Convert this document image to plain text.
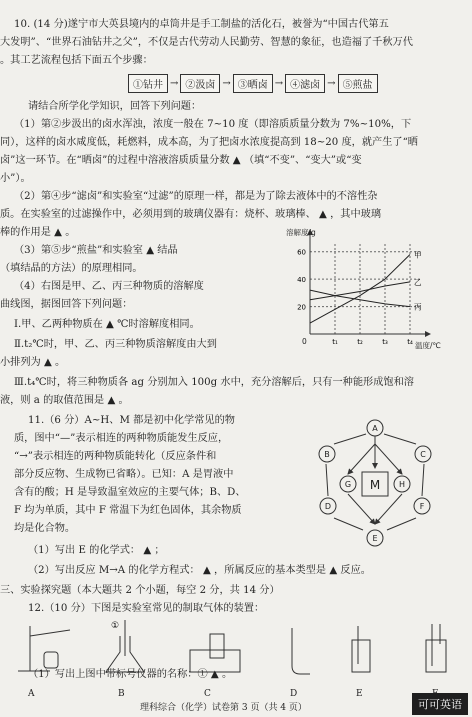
10. (14 分)遂宁市大英县境内的卓筒井是手工制盐的活化石，被誉为“中国古代第五
大发明”、“世界石油钻井之父”，不仅是古代劳动人民勤劳、智慧的象征，也造福了千秋万代
。其工艺流程包括下面五个步骤：
①钻井 → ②汲卤 → ③晒卤 → ④滤卤 → ⑤煎盐
请结合所学化学知识，回答下列问题：
（1）第②步汲出的卤水浑浊，浓度一般在 7~10 度（即溶质质量分数为 7%~10%，下
同），这样的卤水咸度低，耗燃料，成本高，为了把卤水浓度提高到 18~20 度，就产生了“晒
卤”这一环节。在“晒卤”的过程中溶液溶质质量分数 ▲ （填“不变”、“变大”或“变
小”）。
（2）第④步“滤卤”和实验室“过滤”的原理一样，都是为了除去液体中的不溶性杂
质。在实验室的过滤操作中，必须用到的玻璃仪器有：烧杯、玻璃棒、 ▲ ，其中玻璃
棒的作用是 ▲ 。
（3）第⑤步“煎盐”和实验室 ▲ 结晶
（填结晶的方法）的原理相同。
（4）右图是甲、乙、丙三种物质的溶解度
曲线图，据图回答下列问题：
Ⅰ.甲、乙两种物质在 ▲ ℃时溶解度相同。
Ⅱ.t₂℃时，甲、乙、丙三种物质溶解度由大到
小排列为 ▲ 。
Ⅲ.t₄℃时，将三种物质各 ag 分别加入 100g 水中，充分溶解后，只有一种能形成饱和溶
液，则 a 的取值范围是 ▲ 。
甲
乙
丙
20
40
60
t₁	t₂	t₃	t₄
溶解度/g
温度/℃
0
11.（6 分）A~H、M 都是初中化学常见的物
质，图中“—”表示相连的两种物质能发生反应，
“→”表示相连的两种物质能转化（反应条件和
部分反应物、生成物已省略）。已知：A 是胃液中
含有的酸；H 是导致温室效应的主要气体；B、D、
F 均为单质，其中 F 常温下为红色固体，其余物质
均是化合物。
（1）写出 E 的化学式： ▲ ；
（2）写出反应 M→A 的化学方程式： ▲ ，所属反应的基本类型是 ▲ 反应。
A
B	C
D
E
F
G	H
M
三、实验探究题（本大题共 2 个小题，每空 2 分，共 14 分）
12.（10 分）下图是实验室常见的制取气体的装置：
①
A	B	C	D	E
（1）写出上图中带标号仪器的名称：① ▲ 。
理科综合（化学）试卷第 3 页（共 4 页）	可可英语
